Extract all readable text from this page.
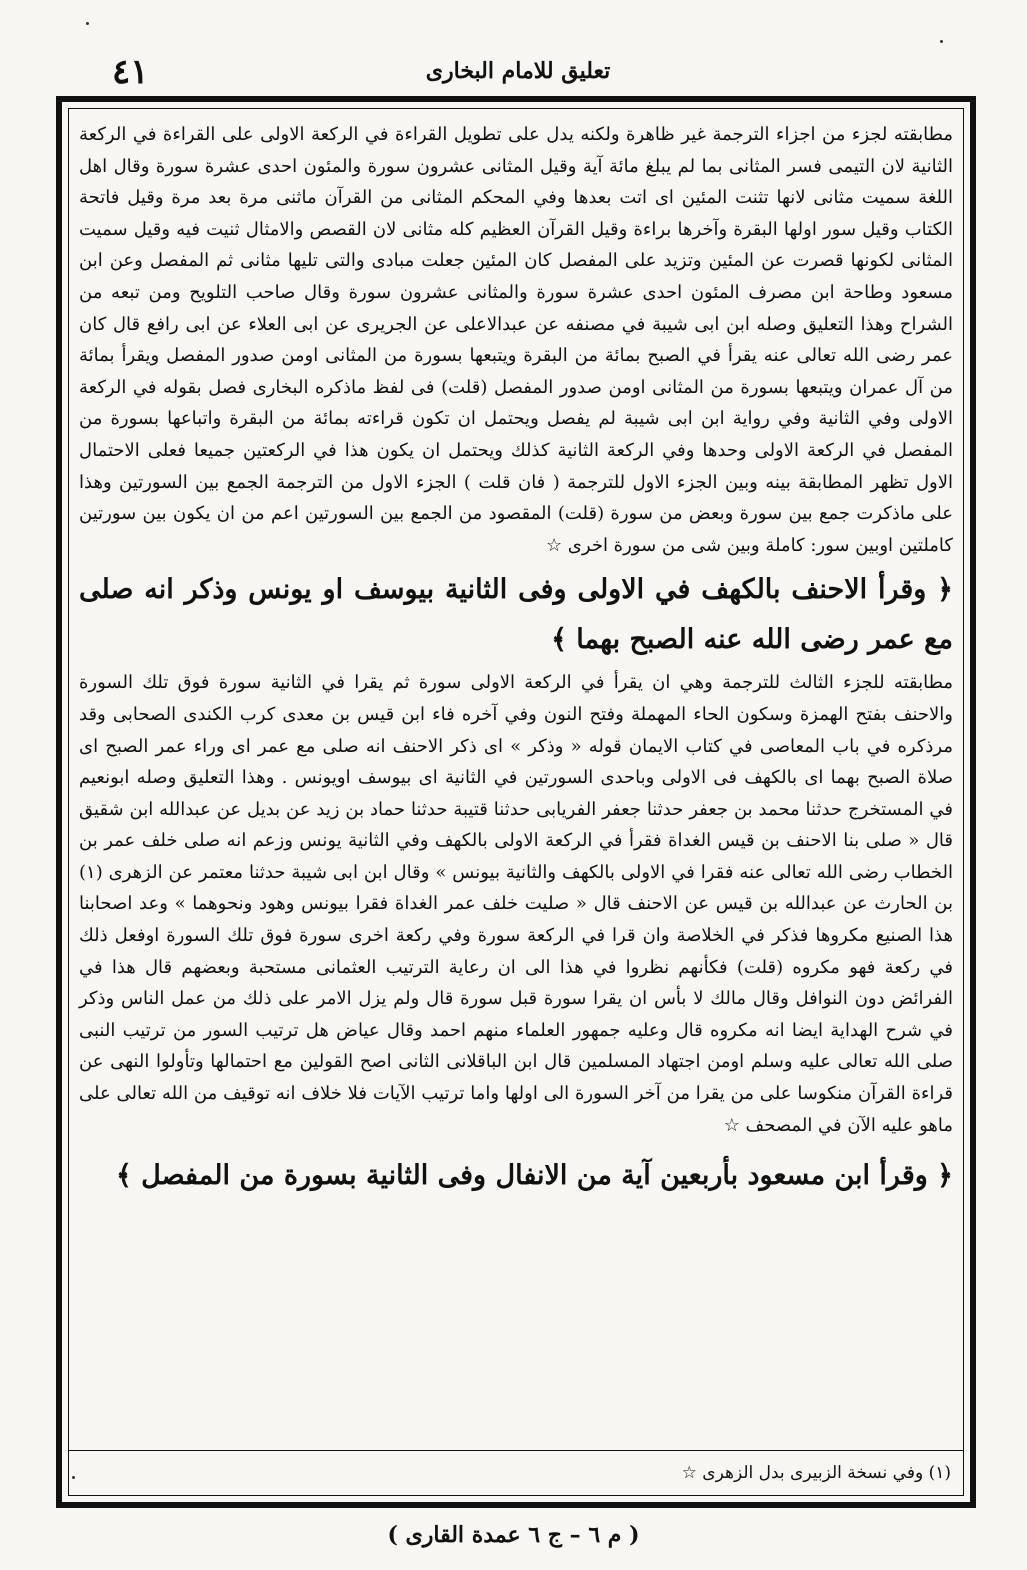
تعليق للامام البخارى
٤١

مطابقته لجزء من اجزاء الترجمة غير ظاهرة ولكنه يدل على تطويل القراءة في الركعة الاولى على القراءة في الركعة الثانية لان التيمى فسر المثانى بما لم يبلغ مائة آية وقيل المثانى عشرون سورة والمئون احدى عشرة سورة وقال اهل اللغة سميت مثانى لانها تثنت المئين اى اتت بعدها وفي المحكم المثانى من القرآن ماثنى مرة بعد مرة وقيل فاتحة الكتاب وقيل سور اولها البقرة وآخرها براءة وقيل القرآن العظيم كله مثانى لان القصص والامثال ثنيت فيه وقيل سميت المثانى لكونها قصرت عن المئين وتزيد على المفصل كان المئين جعلت مبادى والتى تليها مثانى ثم المفصل وعن ابن مسعود وطاحة ابن مصرف المئون احدى عشرة سورة والمثانى عشرون سورة وقال صاحب التلويح ومن تبعه من الشراح وهذا التعليق وصله ابن ابى شيبة في مصنفه عن عبدالاعلى عن الجريرى عن ابى العلاء عن ابى رافع قال كان عمر رضى الله تعالى عنه يقرأ في الصبح بمائة من البقرة ويتبعها بسورة من المثانى اومن صدور المفصل ويقرأ بمائة من آل عمران ويتبعها بسورة من المثانى اومن صدور المفصل (قلت) فى لفظ ماذكره البخارى فصل بقوله في الركعة الاولى وفي الثانية وفي رواية ابن ابى شيبة لم يفصل ويحتمل ان تكون قراءته بمائة من البقرة واتباعها بسورة من المفصل في الركعة الاولى وحدها وفي الركعة الثانية كذلك ويحتمل ان يكون هذا في الركعتين جميعا فعلى الاحتمال الاول تظهر المطابقة بينه وبين الجزء الاول للترجمة ( فان قلت ) الجزء الاول من الترجمة الجمع بين السورتين وهذا على ماذكرت جمع بين سورة وبعض من سورة (قلت) المقصود من الجمع بين السورتين اعم من ان يكون بين سورتين كاملتين اوبين سور: كاملة وبين شى من سورة اخرى ☆

﴿ وقرأ الاحنف بالكهف في الاولى وفى الثانية بيوسف او يونس وذكر انه صلى مع عمر رضى الله عنه الصبح بهما ﴾

مطابقته للجزء الثالث للترجمة وهي ان يقرأ في الركعة الاولى سورة ثم يقرا في الثانية سورة فوق تلك السورة والاحنف بفتح الهمزة وسكون الحاء المهملة وفتح النون وفي آخره فاء ابن قيس بن معدى كرب الكندى الصحابى وقد مرذكره في باب المعاصى في كتاب الايمان قوله « وذكر » اى ذكر الاحنف انه صلى مع عمر اى وراء عمر الصبح اى صلاة الصبح بهما اى بالكهف فى الاولى وباحدى السورتين في الثانية اى بيوسف اويونس . وهذا التعليق وصله ابونعيم في المستخرج حدثنا محمد بن جعفر حدثنا جعفر الفريابى حدثنا قتيبة حدثنا حماد بن زيد عن بديل عن عبدالله ابن شقيق قال « صلى بنا الاحنف بن قيس الغداة فقرأ في الركعة الاولى بالكهف وفي الثانية يونس وزعم انه صلى خلف عمر بن الخطاب رضى الله تعالى عنه فقرا في الاولى بالكهف والثانية بيونس » وقال ابن ابى شيبة حدثنا معتمر عن الزهرى (١) بن الحارث عن عبدالله بن قيس عن الاحنف قال « صليت خلف عمر الغداة فقرا بيونس وهود ونحوهما » وعد اصحابنا هذا الصنيع مكروها فذكر في الخلاصة وان قرا في الركعة سورة وفي ركعة اخرى سورة فوق تلك السورة اوفعل ذلك في ركعة فهو مكروه (قلت) فكأنهم نظروا في هذا الى ان رعاية الترتيب العثمانى مستحبة وبعضهم قال هذا في الفرائض دون النوافل وقال مالك لا بأس ان يقرا سورة قبل سورة قال ولم يزل الامر على ذلك من عمل الناس وذكر في شرح الهداية ايضا انه مكروه قال وعليه جمهور العلماء منهم احمد وقال عياض هل ترتيب السور من ترتيب النبى صلى الله تعالى عليه وسلم اومن اجتهاد المسلمين قال ابن الباقلانى الثانى اصح القولين مع احتمالها وتأولوا النهى عن قراءة القرآن منكوسا على من يقرا من آخر السورة الى اولها واما ترتيب الآيات فلا خلاف انه توقيف من الله تعالى على ماهو عليه الآن في المصحف ☆

﴿ وقرأ ابن مسعود بأربعين آية من الانفال وفى الثانية بسورة من المفصل ﴾

(١) وفي نسخة الزبيرى بدل الزهرى ☆
( م ٦ – ج ٦ عمدة القارى )
